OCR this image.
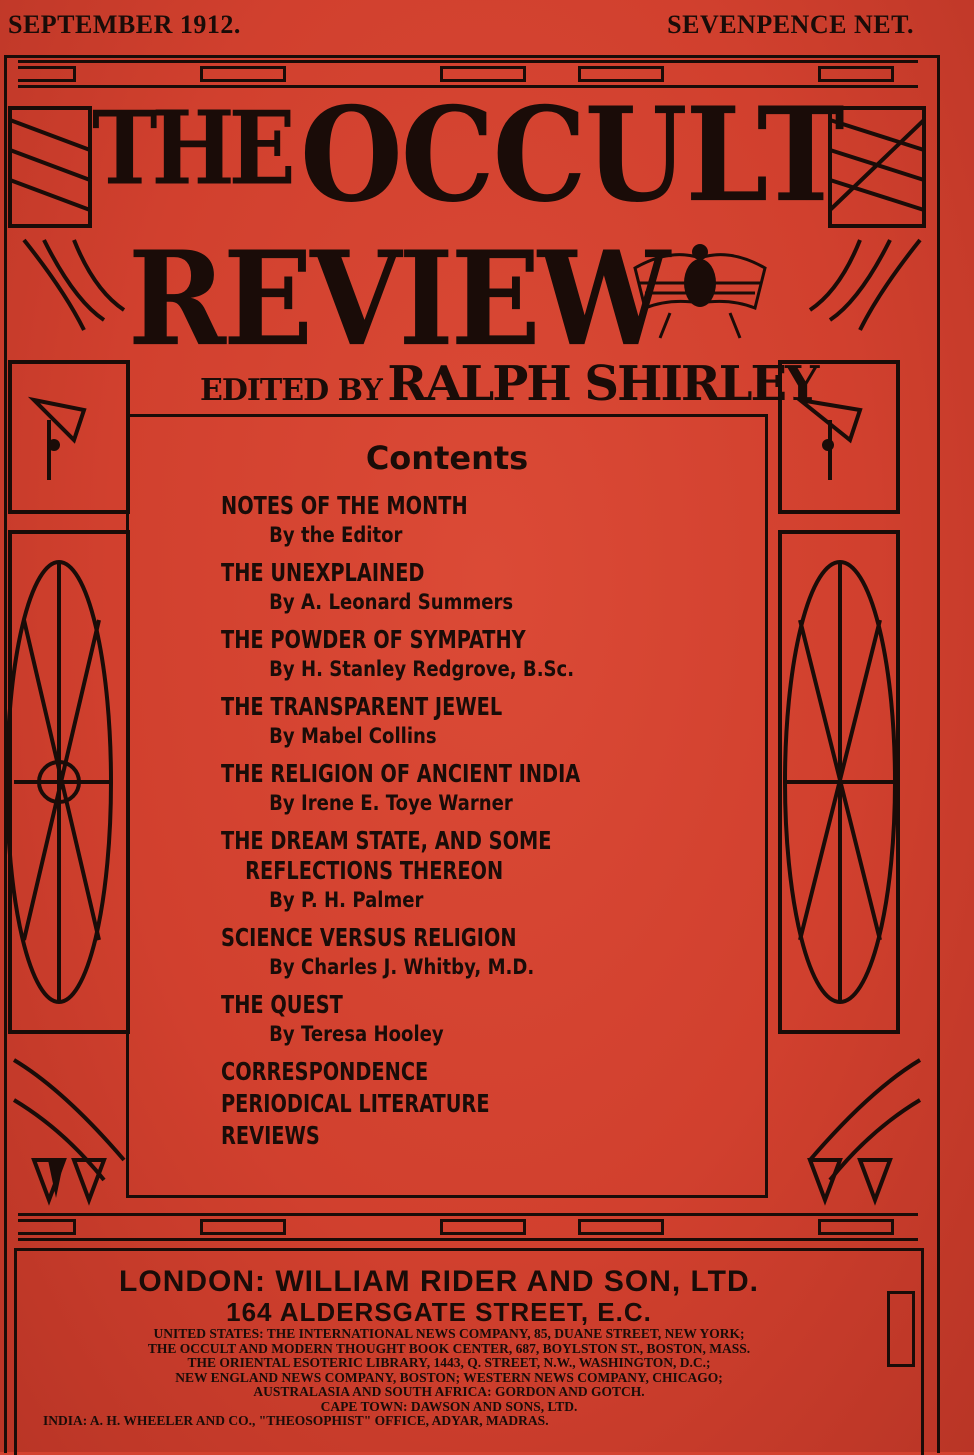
SEPTEMBER 1912.	SEVENPENCE NET.
THE OCCULT
REVIEW
EDITED BY RALPH SHIRLEY
Contents
NOTES OF THE MONTH
By the Editor
THE UNEXPLAINED
By A. Leonard Summers
THE POWDER OF SYMPATHY
By H. Stanley Redgrove, B.Sc.
THE TRANSPARENT JEWEL
By Mabel Collins
THE RELIGION OF ANCIENT INDIA
By Irene E. Toye Warner
THE DREAM STATE, AND SOME
REFLECTIONS THEREON
By P. H. Palmer
SCIENCE VERSUS RELIGION
By Charles J. Whitby, M.D.
THE QUEST
By Teresa Hooley
CORRESPONDENCE
PERIODICAL LITERATURE
REVIEWS
LONDON: WILLIAM RIDER AND SON, LTD.
164 ALDERSGATE STREET, E.C.
UNITED STATES: THE INTERNATIONAL NEWS COMPANY, 85, DUANE STREET, NEW YORK;
THE OCCULT AND MODERN THOUGHT BOOK CENTER, 687, BOYLSTON ST., BOSTON, MASS.
THE ORIENTAL ESOTERIC LIBRARY, 1443, Q. STREET, N.W., WASHINGTON, D.C.;
NEW ENGLAND NEWS COMPANY, BOSTON; WESTERN NEWS COMPANY, CHICAGO;
AUSTRALASIA AND SOUTH AFRICA: GORDON AND GOTCH.
CAPE TOWN: DAWSON AND SONS, LTD.
INDIA: A. H. WHEELER AND CO., "THEOSOPHIST" OFFICE, ADYAR, MADRAS.
